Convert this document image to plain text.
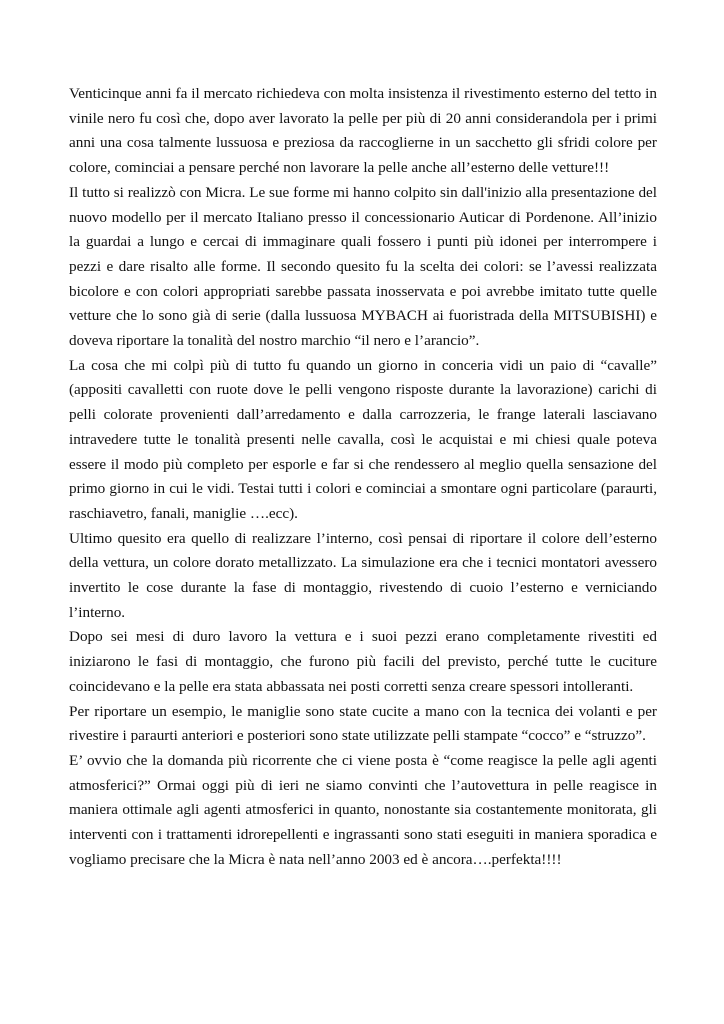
Venticinque anni fa il mercato richiedeva con molta insistenza il rivestimento esterno del tetto in vinile nero fu così che, dopo aver lavorato la pelle per più di 20 anni considerandola per i primi anni una cosa talmente lussuosa e preziosa da raccoglierne in un sacchetto gli sfridi colore per colore, cominciai a pensare perché non lavorare la pelle anche all’esterno delle vetture!!!

Il tutto si realizzò con Micra. Le sue forme mi hanno colpito sin dall'inizio alla presentazione del nuovo modello per il mercato Italiano presso il concessionario Auticar di Pordenone. All’inizio la guardai a lungo e cercai di immaginare quali fossero i punti più idonei per interrompere i pezzi e dare risalto alle forme. Il secondo quesito fu la scelta dei colori: se l’avessi realizzata bicolore e con colori appropriati sarebbe passata inosservata e poi avrebbe imitato tutte quelle vetture che lo sono già di serie (dalla lussuosa MYBACH ai fuoristrada della MITSUBISHI) e doveva riportare la tonalità del nostro marchio “il nero e l’arancio”.

La cosa che mi colpì più di tutto fu quando un giorno in conceria vidi un paio di “cavalle” (appositi cavalletti con ruote dove le pelli vengono risposte durante la lavorazione) carichi di pelli colorate provenienti dall’arredamento e dalla carrozzeria, le frange laterali lasciavano intravedere tutte le tonalità presenti nelle cavalla, così le acquistai e mi chiesi quale poteva essere il modo più completo per esporle e far si che rendessero al meglio quella sensazione del primo giorno in cui le vidi. Testai tutti i colori e cominciai a smontare ogni particolare (paraurti, raschiavetro, fanali, maniglie ….ecc).

Ultimo quesito era quello di realizzare l’interno, così pensai di riportare il colore dell’esterno della vettura, un colore dorato metallizzato. La simulazione era che i tecnici montatori avessero invertito le cose durante la fase di montaggio, rivestendo di cuoio l’esterno e verniciando l’interno.

Dopo sei mesi di duro lavoro la vettura e i suoi pezzi erano completamente rivestiti ed iniziarono le fasi di montaggio, che furono più facili del previsto, perché tutte le cuciture coincidevano e la pelle era stata abbassata nei posti corretti senza creare spessori intolleranti.

Per riportare un esempio, le maniglie sono state cucite a mano con la tecnica dei volanti e per rivestire i paraurti anteriori e posteriori sono state utilizzate pelli stampate “cocco” e “struzzo”.

E’ ovvio che la domanda più ricorrente che ci viene posta è “come reagisce la pelle agli agenti atmosferici?” Ormai oggi più di ieri ne siamo convinti che l’autovettura in pelle reagisce in maniera ottimale agli agenti atmosferici in quanto, nonostante sia costantemente monitorata, gli interventi con i trattamenti idrorepellenti e ingrassanti sono stati eseguiti in maniera sporadica e vogliamo precisare che la Micra è nata nell’anno 2003 ed è ancora….perfekta!!!!
